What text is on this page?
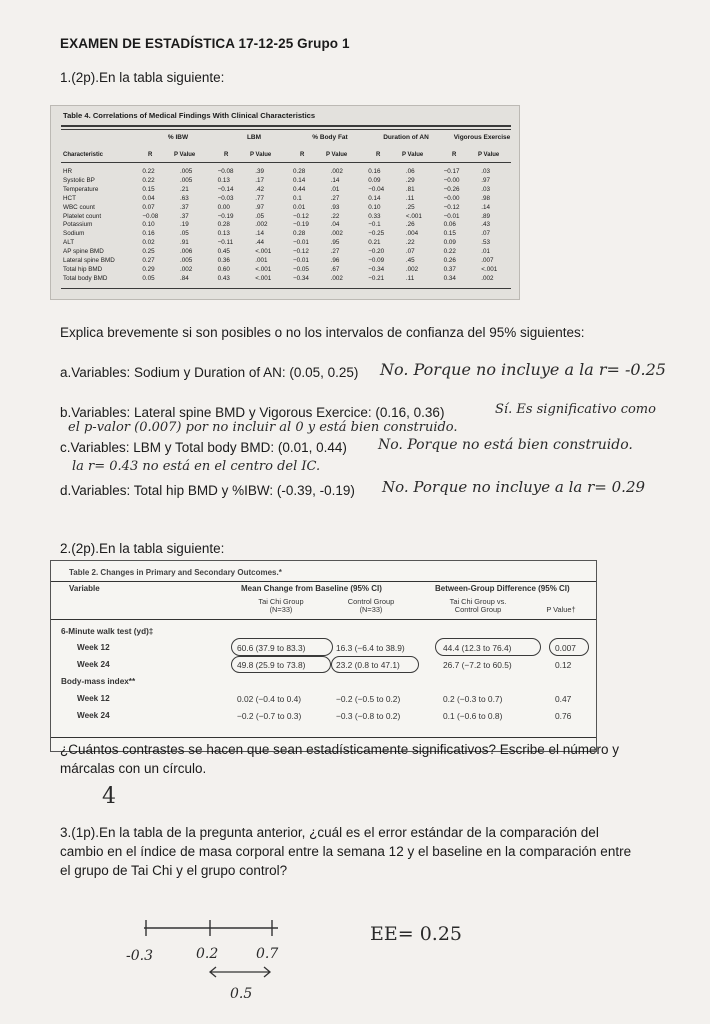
EXAMEN DE ESTADÍSTICA 17-12-25 Grupo 1
1.(2p).En la tabla siguiente:
Table 4. Correlations of Medical Findings With Clinical Characteristics
% IBW	LBM	% Body Fat	Duration of AN	Vigorous Exercise
Characteristic	R	P Value	R	P Value	R	P Value	R	P Value	R	P Value
HR	0.22	.005	−0.08	.39	0.28	.002	0.16	.06	−0.17	.03
Systolic BP	0.22	.005	0.13	.17	0.14	.14	0.09	.29	−0.00	.97
Temperature	0.15	.21	−0.14	.42	0.44	.01	−0.04	.81	−0.26	.03
HCT	0.04	.63	−0.03	.77	0.1	.27	0.14	.11	−0.00	.98
WBC count	0.07	.37	0.00	.97	0.01	.93	0.10	.25	−0.12	.14
Platelet count	−0.08	.37	−0.19	.05	−0.12	.22	0.33	<.001	−0.01	.89
Potassium	0.10	.19	0.28	.002	−0.19	.04	−0.1	.26	0.06	.43
Sodium	0.16	.05	0.13	.14	0.28	.002	−0.25	.004	0.15	.07
ALT	0.02	.91	−0.11	.44	−0.01	.95	0.21	.22	0.09	.53
AP spine BMD	0.25	.006	0.45	<.001	−0.12	.27	−0.20	.07	0.22	.01
Lateral spine BMD	0.27	.005	0.36	.001	−0.01	.96	−0.09	.45	0.26	.007
Total hip BMD	0.29	.002	0.60	<.001	−0.05	.67	−0.34	.002	0.37	<.001
Total body BMD	0.05	.84	0.43	<.001	−0.34	.002	−0.21	.11	0.34	.002
Explica brevemente si son posibles o no los intervalos de confianza del 95% siguientes:
a.Variables: Sodium y Duration of AN: (0.05, 0.25) No. Porque no incluye a la r= -0.25
b.Variables: Lateral spine BMD y Vigorous Exercice: (0.16, 0.36)	Sí. Es significativo como
el p-valor (0.007) por no incluir al 0 y está bien construido.
c.Variables: LBM y Total body BMD: (0.01, 0.44) No. Porque no está bien construido.
la r= 0.43 no está en el centro del IC.
d.Variables: Total hip BMD y %IBW: (-0.39, -0.19) No. Porque no incluye a la r= 0.29
2.(2p).En la tabla siguiente:
Table 2. Changes in Primary and Secondary Outcomes.*
Variable	Mean Change from Baseline (95% CI)	Between-Group Difference (95% CI)
Tai Chi Group
(N=33)
Control Group
(N=33)
Tai Chi Group vs.
Control Group	P Value†
6-Minute walk test (yd)‡
Week 12	60.6 (37.9 to 83.3)	16.3 (−6.4 to 38.9)	44.4 (12.3 to 76.4)	0.007
Week 24	49.8 (25.9 to 73.8)	23.2 (0.8 to 47.1)	26.7 (−7.2 to 60.5)	0.12
Body-mass index**
Week 12	0.02 (−0.4 to 0.4)	−0.2 (−0.5 to 0.2)	0.2 (−0.3 to 0.7)	0.47
Week 24	−0.2 (−0.7 to 0.3)	−0.3 (−0.8 to 0.2)	0.1 (−0.6 to 0.8)	0.76
¿Cuántos contrastes se hacen que sean estadísticamente significativos? Escribe el número y márcalas con un círculo.
4
3.(1p).En la tabla de la pregunta anterior, ¿cuál es el error estándar de la comparación del cambio en el índice de masa corporal entre la semana 12 y el baseline en la comparación entre el grupo de Tai Chi y el grupo control?
-0.3	0.2	0.7
0.5
EE= 0.25
